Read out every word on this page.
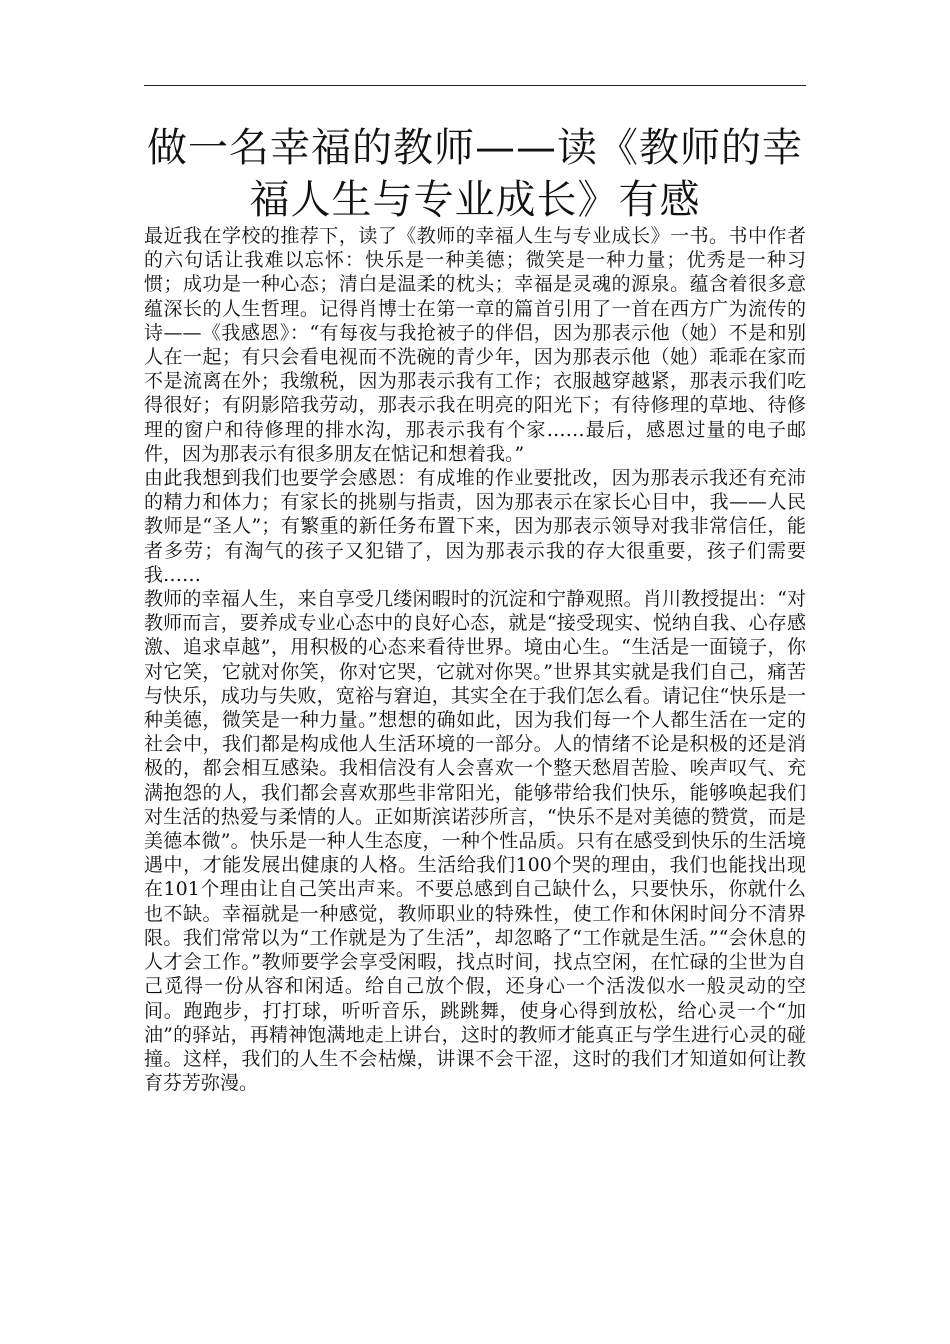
做一名幸福的教师——读《教师的幸福人生与专业成长》有感

最近我在学校的推荐下，读了《教师的幸福人生与专业成长》一书。书中作者的六句话让我难以忘怀：快乐是一种美德；微笑是一种力量；优秀是一种习惯；成功是一种心态；清白是温柔的枕头；幸福是灵魂的源泉。蕴含着很多意蕴深长的人生哲理。记得肖博士在第一章的篇首引用了一首在西方广为流传的诗——《我感恩》：“有每夜与我抢被子的伴侣，因为那表示他（她）不是和别人在一起；有只会看电视而不洗碗的青少年，因为那表示他（她）乖乖在家而不是流离在外；我缴税，因为那表示我有工作；衣服越穿越紧，那表示我们吃得很好；有阴影陪我劳动，那表示我在明亮的阳光下；有待修理的草地、待修理的窗户和待修理的排水沟，那表示我有个家……最后，感恩过量的电子邮件，因为那表示有很多朋友在惦记和想着我。”

由此我想到我们也要学会感恩：有成堆的作业要批改，因为那表示我还有充沛的精力和体力；有家长的挑剔与指责，因为那表示在家长心目中，我——人民教师是“圣人”；有繁重的新任务布置下来，因为那表示领导对我非常信任，能者多劳；有淘气的孩子又犯错了，因为那表示我的存大很重要，孩子们需要我……

教师的幸福人生，来自享受几缕闲暇时的沉淀和宁静观照。肖川教授提出：“对教师而言，要养成专业心态中的良好心态，就是“接受现实、悦纳自我、心存感激、追求卓越”，用积极的心态来看待世界。境由心生。“生活是一面镜子，你对它笑，它就对你笑，你对它哭，它就对你哭。”世界其实就是我们自己，痛苦与快乐，成功与失败，宽裕与窘迫，其实全在于我们怎么看。请记住“快乐是一种美德，微笑是一种力量。”想想的确如此，因为我们每一个人都生活在一定的社会中，我们都是构成他人生活环境的一部分。人的情绪不论是积极的还是消极的，都会相互感染。我相信没有人会喜欢一个整天愁眉苦脸、唉声叹气、充满抱怨的人，我们都会喜欢那些非常阳光，能够带给我们快乐，能够唤起我们对生活的热爱与柔情的人。正如斯滨诺莎所言，“快乐不是对美德的赞赏，而是美德本微”。快乐是一种人生态度，一种个性品质。只有在感受到快乐的生活境遇中，才能发展出健康的人格。生活给我们100个哭的理由，我们也能找出现在101个理由让自己笑出声来。不要总感到自己缺什么，只要快乐，你就什么也不缺。幸福就是一种感觉，教师职业的特殊性，使工作和休闲时间分不清界限。我们常常以为“工作就是为了生活”，却忽略了“工作就是生活。”“会休息的人才会工作。”教师要学会享受闲暇，找点时间，找点空闲，在忙碌的尘世为自己觅得一份从容和闲适。给自己放个假，还身心一个活泼似水一般灵动的空间。跑跑步，打打球，听听音乐，跳跳舞，使身心得到放松，给心灵一个“加油”的驿站，再精神饱满地走上讲台，这时的教师才能真正与学生进行心灵的碰撞。这样，我们的人生不会枯燥，讲课不会干涩，这时的我们才知道如何让教育芬芳弥漫。
